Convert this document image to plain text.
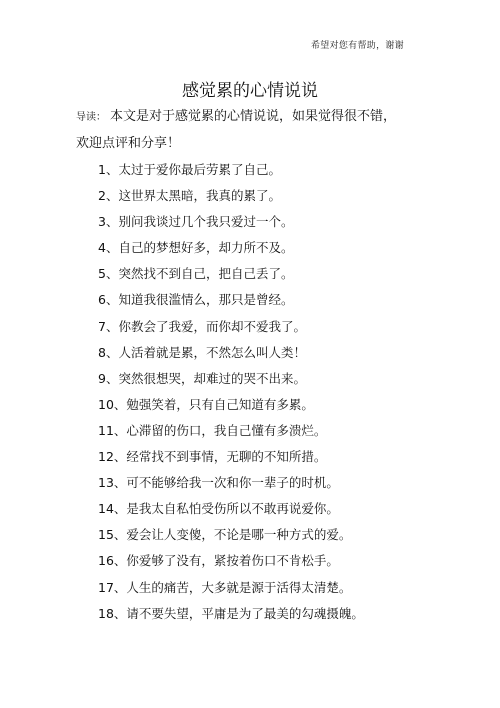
希望对您有帮助，谢谢
感觉累的心情说说
导读： 本文是对于感觉累的心情说说，如果觉得很不错，欢迎点评和分享！
1、太过于爱你最后劳累了自己。
2、这世界太黑暗，我真的累了。
3、别问我谈过几个我只爱过一个。
4、自己的梦想好多，却力所不及。
5、突然找不到自己，把自己丢了。
6、知道我很滥情么，那只是曾经。
7、你教会了我爱，而你却不爱我了。
8、人活着就是累，不然怎么叫人类！
9、突然很想哭，却难过的哭不出来。
10、勉强笑着，只有自己知道有多累。
11、心滞留的伤口，我自己懂有多溃烂。
12、经常找不到事情，无聊的不知所措。
13、可不能够给我一次和你一辈子的时机。
14、是我太自私怕受伤所以不敢再说爱你。
15、爱会让人变傻，不论是哪一种方式的爱。
16、你爱够了没有，紧按着伤口不肯松手。
17、人生的痛苦，大多就是源于活得太清楚。
18、请不要失望，平庸是为了最美的勾魂摄魄。
